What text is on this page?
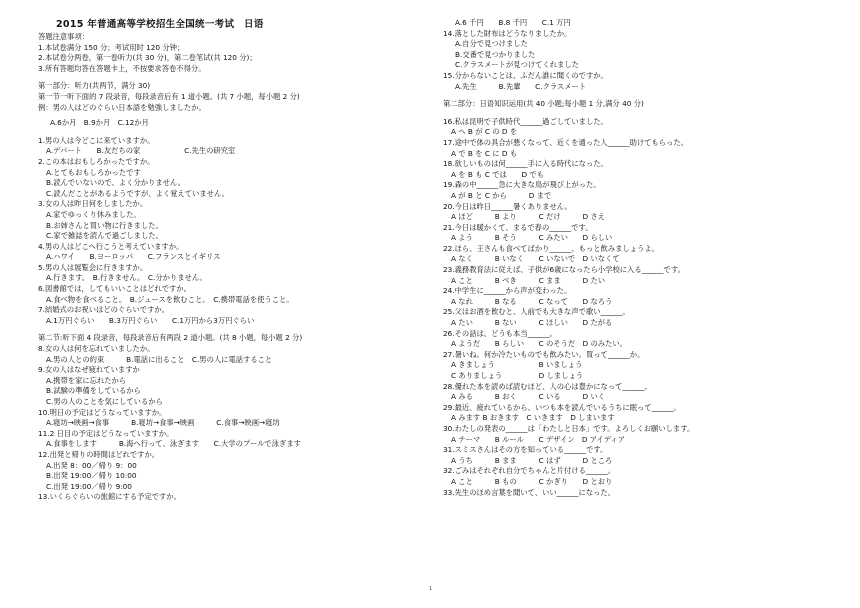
2015 年普通高等学校招生全国统一考试　日语
答题注意事项：
1.本试卷满分 150 分；考试用时 120 分钟；
2.本试卷分两卷，第一卷听力(共 30 分)，第二卷笔试(共 120 分)；
3.所有答题均答在答题卡上，不按要求答卷不得分。
第一部分：听力(共两节，满分 30)
第一节一听下面的 7 段录音，每段录音后有 1 道小题。(共 7 小题，每小题 2 分)
例：男の人はどのぐらい日本語を勉強しましたか。
A.6か月　B.9か月　C.12か月
1.男の人は今どこに来ていますか。
A.デパート　　B.友だちの家　　　　　　C.先生の研究室
2.この本はおもしろかったですか。
A.とてもおもしろかったです
B.読んでいないので、よく分かりません。
C.読んだことがあるようですが、よく覚えていません。
3.女の人は昨日何をしましたか。
A.家でゆっくり休みました。
B.お姉さんと買い物に行きました。
C.家で雑誌を読んで過ごしました。
4.男の人はどこへ行こうと考えていますか。
A.ハワイ　　B.ヨーロッパ　　C.フランスとイギリス
5.男の人は展覧会に行きますか。
A.行きます。　B.行きません。　C.分かりません。
6.図書館では，してもいいことはどれですか。
A.食べ物を食べること。　B.ジュースを飲むこと。　C.携帯電話を使うこと。
7.結婚式のお祝いはどのぐらいですか。
A.1万円ぐらい　　B.3万円ぐらい　　C.1万円から3万円ぐらい
第二节:听下面 4 段录音，每段录音后有两段 2 道小题。(共 8 小题，每小题 2 分)
8.女の人は何を忘れていましたか。
A.男の人との約束　　　B.電話に出ること　C.男の人に電話すること
9.女の人はなぜ疲れていますか
A.携帯を家に忘れたから
B.試験の準備をしているから
C.男の人のことを気にしているから
10.明日の予定はどうなっていますか。
A.寝坊→映画→食事　　　B.寝坊→食事→映画　　　C.食事→映画→寝坊
11.2 日目の予定はどうなっていますか。
A.食事をします　　　B.海へ行って、泳ぎます　　C.大学のプールで泳ぎます
12.出発と帰りの時間はどれですか。
A.出発 8：00／帰り 9：00
B.出発 19:00／帰り 10:00
C.出発 19:00／帰り 9:00
13.いくらぐらいの旅館にする予定ですか。
A.6 千円　　B.8 千円　　C.1 万円
14.落とした財布はどうなりましたか。
A.自分で見つけました
B.交番で見つかりました
C.クラスメートが見つけてくれました
15.分からないことは、ふだん誰に聞くのですか。
A.先生　　　B.先輩　　C.クラスメート
第二部分：日语知识运用(共 40 小题;每小题 1 分,满分 40 分)
16.私は昆明で子供時代______過ごしていました。
A へ B が C の D を
17.途中で体の具合が悪くなって、近くを通った人______助けてもらった。
A で B を C に D も
18.欲しいものは何______手に入る時代になった。
A を B も C では　　D でも
19.森の中______急に大きな鳥が飛び上がった。
A が B と C から　　　D まで
20.今日は昨日______暑くありません。
A ほど　　　B より　　　C だけ　　　D さえ
21.今日は暖かくて、まるで春の______です。
A よう　　　B そう　　　C みたい　　D らしい
22.ほら、王さんも食べてばかり______、もっと飲みましょうよ。
A なく　　　B いなく　　C いないで　D いなくて
23.義務教育法に従えば、子供が6歳になったら小学校に入る______です。
A こと　　　B べき　　　C まま　　　D たい
24.中学生に______から声が変わった。
A なれ　　　B なる　　　C なって　　D なろう
25.父はお酒を飲むと、人前でも大きな声で歌い______。
A たい　　　B ない　　　C ほしい　　D たがる
26.その話は、どうも本当______。
A ようだ　　B らしい　　C のそうだ　D のみたい。
27.暑いね。何か冷たいものでも飲みたい。買って______か。
A きましょう　　　　　　B いましょう
C ありましょう　　　　　D しましょう
28.優れた本を読めば読むほど、人の心は豊かになって______。
A みる　　　B おく　　　C いる　　　D いく
29.最近、疲れているから、いつも本を読んでいるうちに眠って______。
A みます B おきます　C いきます　D しまいます
30.わたしの発表の______は「わたしと日本」です。よろしくお願いします。
A テーマ　　B ルール　　C デザイン　D アイディア
31.スミスさんはその方を知っている______です。
A うち　　　B まま　　　C はず　　　D ところ
32.ごみはそれぞれ自分でちゃんと片付ける______。
A こと　　　B もの　　　C かぎり　　D とおり
33.先生のほめ言葉を聞いて、いい______になった。
1
